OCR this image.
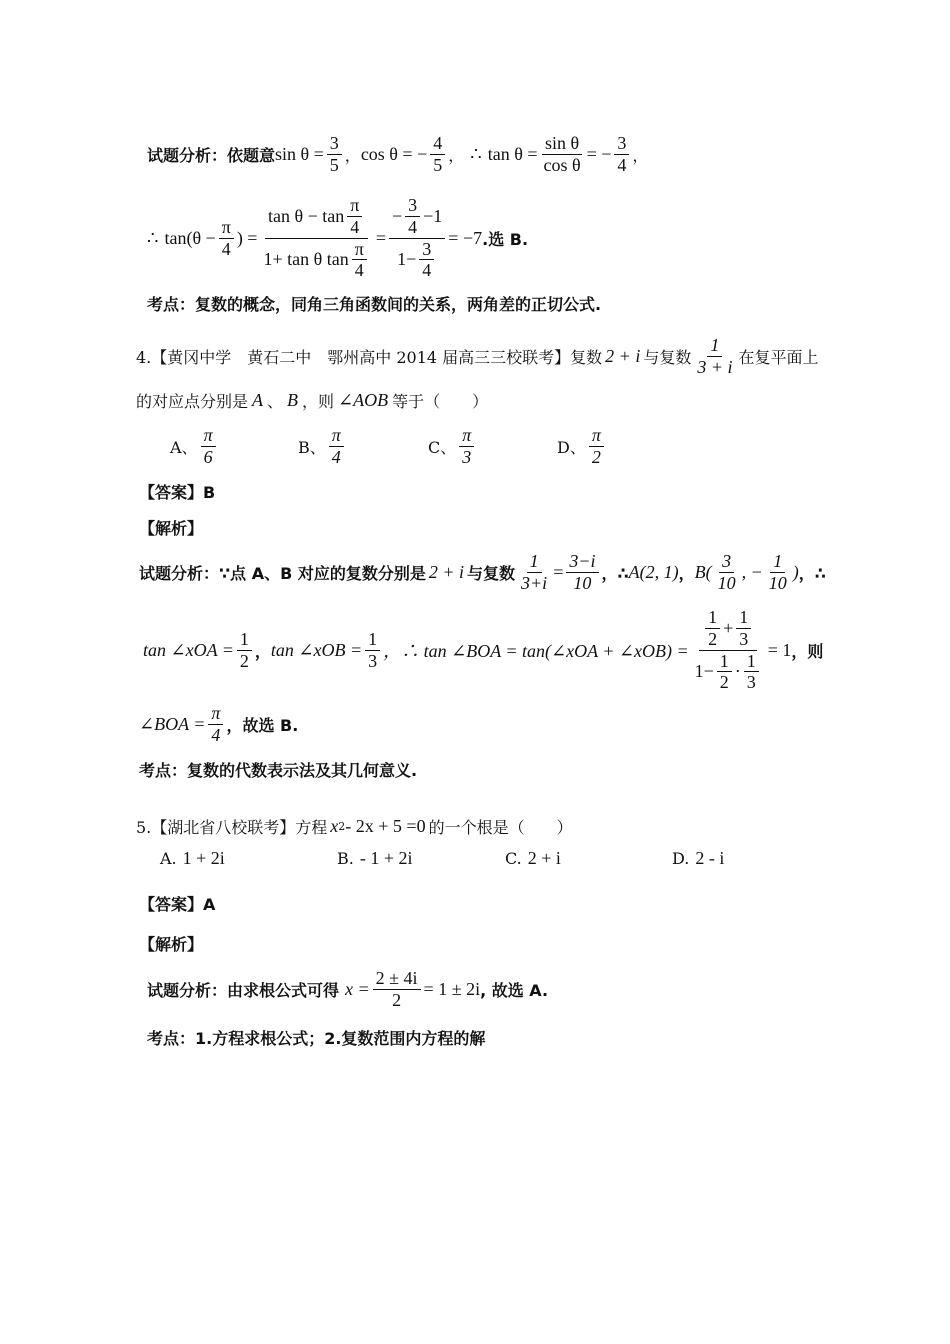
试题分析：依题意 $\sin \theta = \frac{3}{5}$ ， cos θ = − $\frac{4}{5}$ ， ∴ $\tan \theta = \frac{\text{sin θ}}{\text{cos θ}}$ = − $\frac{3}{4}$ ，
∴ $\tan(\theta - \frac{\pi}{4}$ ) = $\frac{\tan \theta - \tan \frac{\pi}{4}}{1+ \tan \theta \tan \frac{\pi}{4}} = \frac{- \frac{3}{4} -1}{1- \frac{3}{4}} = -7$ .选 B.
考点：复数的概念，同角三角函数间的关系，两角差的正切公式.
4.【黄冈中学　黄石二中　鄂州高中 2014 届高三三校联考】复数 2 + i 与复数 $\frac{1}{3 + i}$ 在复平面上
的对应点分别是 A 、 B ，则 ∠AOB 等于（　　）
A、 $\frac{\pi}{6}$	B、 $\frac{\pi}{4}$	C、 $\frac{\pi}{3}$	D、 $\frac{\pi}{2}$
【答案】B
【解析】
试题分析：∵点 A、B 对应的复数分别是 2 + i 与复数 $\frac{1}{3+i} = \frac{3-i}{10}$ ，∴ A(2, 1) ， $B( \frac{3}{10}$ , − $\frac{1}{10}$ ) ，∴
tan ∠xOA = $\frac{1}{2}$ ， tan ∠xOB = $\frac{1}{3}$ ，∴ tan ∠BOA = tan(∠xOA + ∠xOB) = $\frac{\frac{1}{2} + \frac{1}{3}}{1- \frac{1}{2} \cdot \frac{1}{3}} = 1$ ，则
∠BOA = $\frac{\pi}{4}$ ，故选 B.
考点：复数的代数表示法及其几何意义.
5.【湖北省八校联考】方程 x 2 - 2x + 5 =0 的一个根是（　　）
A. 1 + 2i	B. - 1 + 2i	C. 2 + i	D. 2 - i
【答案】A
【解析】
试题分析：由求根公式可得 $x = \frac{2 \pm 4i}{2} = 1 \pm 2i$ , 故选 A.
考点：1.方程求根公式；2.复数范围内方程的解
